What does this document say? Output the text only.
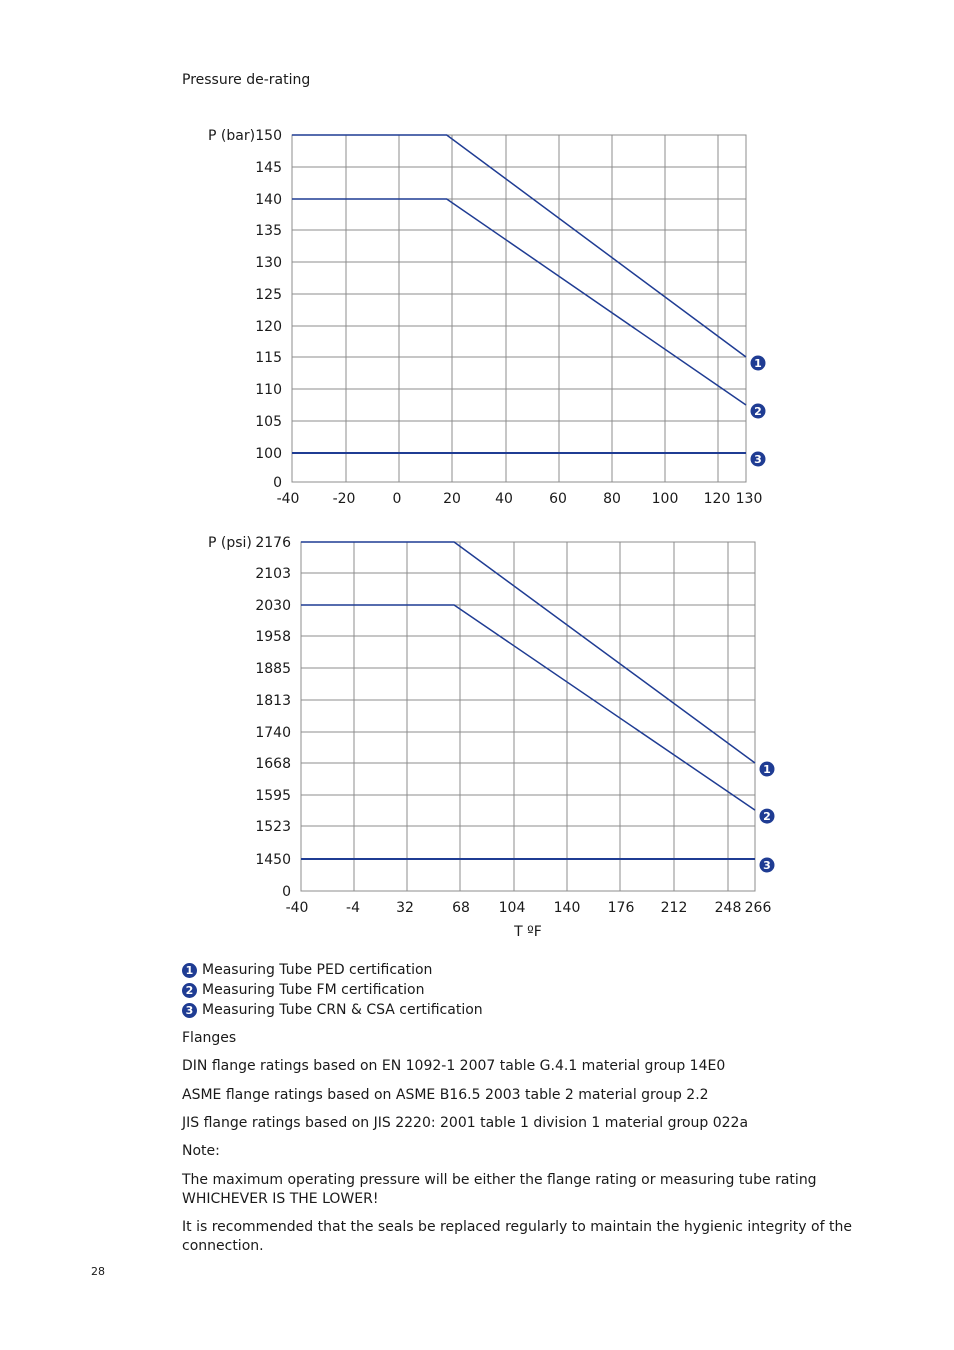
Pressure de-rating
150
145
140
135
130
125
120
115
110
105
100
0
P (bar)
-40 -20	0	20 40	60	80 100 120 130
1
2
3
2176
2103
2030
1958
1885
1813
1740
1668
1595
1523
1450
0
P (psi)
-40	-4	32	68 104 140 176 212 248 266
T ºF
1
2
3
1 Measuring Tube PED certification
2 Measuring Tube FM certification
3 Measuring Tube CRN & CSA certification
Flanges
DIN flange ratings based on EN 1092-1 2007 table G.4.1 material group 14E0
ASME flange ratings based on ASME B16.5 2003 table 2 material group 2.2
JIS flange ratings based on JIS 2220: 2001 table 1 division 1 material group 022a
Note:
The maximum operating pressure will be either the flange rating or measuring tube rating
WHICHEVER IS THE LOWER!
It is recommended that the seals be replaced regularly to maintain the hygienic integrity of the connection.
28
